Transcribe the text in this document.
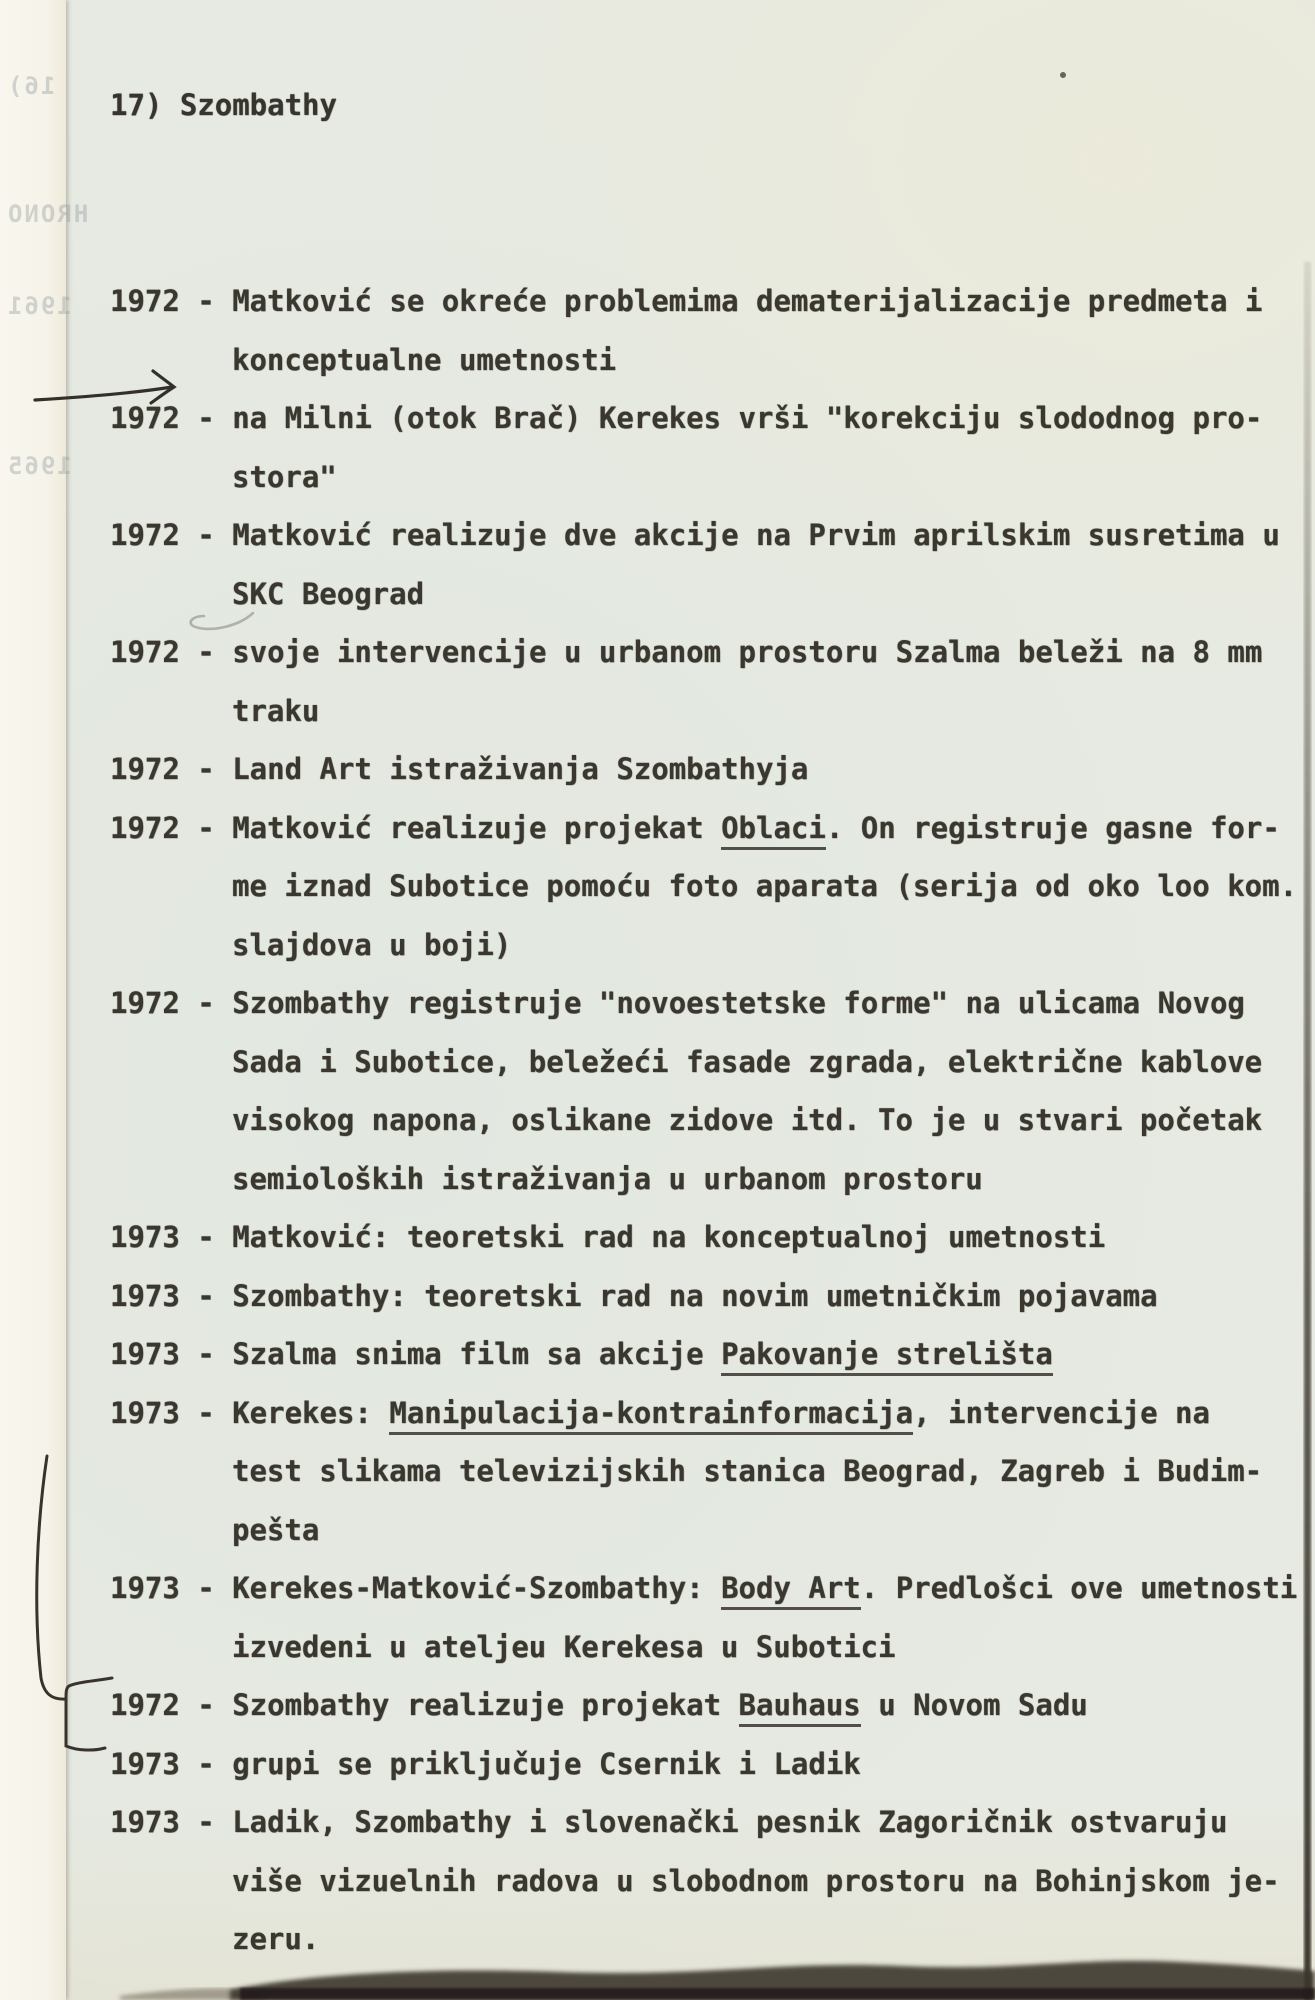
16)
HRONO
1961
1965
17) Szombathy
1972 - Matković se okreće problemima dematerijalizacije predmeta i
konceptualne umetnosti
1972 - na Milni (otok Brač) Kerekes vrši "korekciju slododnog pro-
stora"
1972 - Matković realizuje dve akcije na Prvim aprilskim susretima u
SKC Beograd
1972 - svoje intervencije u urbanom prostoru Szalma beleži na 8 mm
traku
1972 - Land Art istraživanja Szombathyja
1972 - Matković realizuje projekat Oblaci. On registruje gasne for-
me iznad Subotice pomoću foto aparata (serija od oko loo kom.
slajdova u boji)
1972 - Szombathy registruje "novoestetske forme" na ulicama Novog
Sada i Subotice, beležeći fasade zgrada, električne kablove
visokog napona, oslikane zidove itd. To je u stvari početak
semioloških istraživanja u urbanom prostoru
1973 - Matković: teoretski rad na konceptualnoj umetnosti
1973 - Szombathy: teoretski rad na novim umetničkim pojavama
1973 - Szalma snima film sa akcije Pakovanje strelišta
1973 - Kerekes: Manipulacija-kontrainformacija, intervencije na
test slikama televizijskih stanica Beograd, Zagreb i Budim-
pešta
1973 - Kerekes-Matković-Szombathy: Body Art. Predlošci ove umetnosti
izvedeni u ateljeu Kerekesa u Subotici
1972 - Szombathy realizuje projekat Bauhaus u Novom Sadu
1973 - grupi se priključuje Csernik i Ladik
1973 - Ladik, Szombathy i slovenački pesnik Zagoričnik ostvaruju
više vizuelnih radova u slobodnom prostoru na Bohinjskom je-
zeru.
